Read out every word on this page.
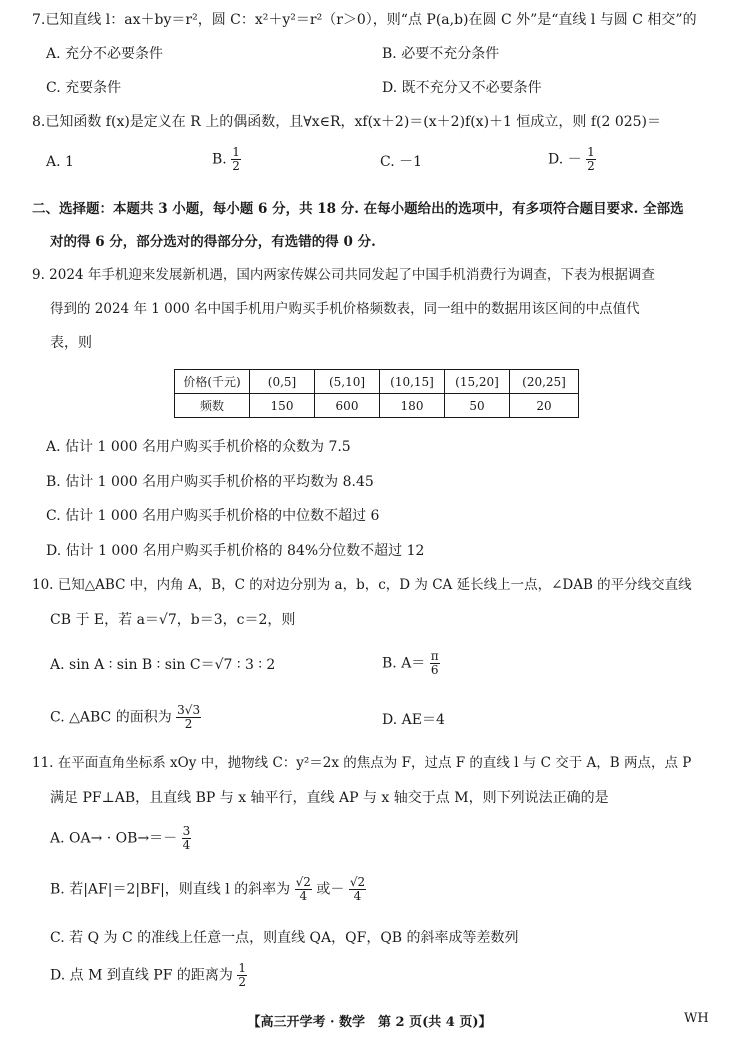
7.已知直线 l：ax＋by＝r²，圆 C：x²＋y²＝r²（r＞0），则“点 P(a,b)在圆 C 外”是“直线 l 与圆 C 相交”的
A. 充分不必要条件	B. 必要不充分条件
C. 充要条件	D. 既不充分又不必要条件
8.已知函数 f(x)是定义在 R 上的偶函数，且∀x∈R，xf(x＋2)＝(x＋2)f(x)＋1 恒成立，则 f(2 025)＝
A. 1	B. $\frac{1}{2}$	C. －1	D. － $\frac{1}{2}$
二、选择题：本题共 3 小题，每小题 6 分，共 18 分. 在每小题给出的选项中，有多项符合题目要求. 全部选
对的得 6 分，部分选对的得部分分，有选错的得 0 分.
9. 2024 年手机迎来发展新机遇，国内两家传媒公司共同发起了中国手机消费行为调查，下表为根据调查
得到的 2024 年 1 000 名中国手机用户购买手机价格频数表，同一组中的数据用该区间的中点值代
表，则
价格(千元)	(0,5]	(5,10]	(10,15]	(15,20]	(20,25]
频数	150	600	180	50	20
A. 估计 1 000 名用户购买手机价格的众数为 7.5
B. 估计 1 000 名用户购买手机价格的平均数为 8.45
C. 估计 1 000 名用户购买手机价格的中位数不超过 6
D. 估计 1 000 名用户购买手机价格的 84%分位数不超过 12
10. 已知△ABC 中，内角 A，B，C 的对边分别为 a，b，c，D 为 CA 延长线上一点，∠DAB 的平分线交直线
CB 于 E，若 a＝√7，b＝3，c＝2，则
A. sin A ∶ sin B ∶ sin C＝√7 ∶ 3 ∶ 2	B. $A= \frac{\pi}{6}$
C. △ABC 的面积为 $\frac{3√3}{2}$	D. AE＝4
11. 在平面直角坐标系 xOy 中，抛物线 C：y²＝2x 的焦点为 F，过点 F 的直线 l 与 C 交于 A，B 两点，点 P
满足 PF⊥AB，且直线 BP 与 x 轴平行，直线 AP 与 x 轴交于点 M，则下列说法正确的是
A. $OA\to \cdot OB\to=- \frac{3}{4}$
B. 若|AF|＝2|BF|，则直线 l 的斜率为 $\frac{√2}{4}$ 或－ $\frac{√2}{4}$
C. 若 Q 为 C 的准线上任意一点，则直线 QA，QF，QB 的斜率成等差数列
D. 点 M 到直线 PF 的距离为 $\frac{1}{2}$
【高三开学考 · 数学　第 2 页(共 4 页)】	WH
